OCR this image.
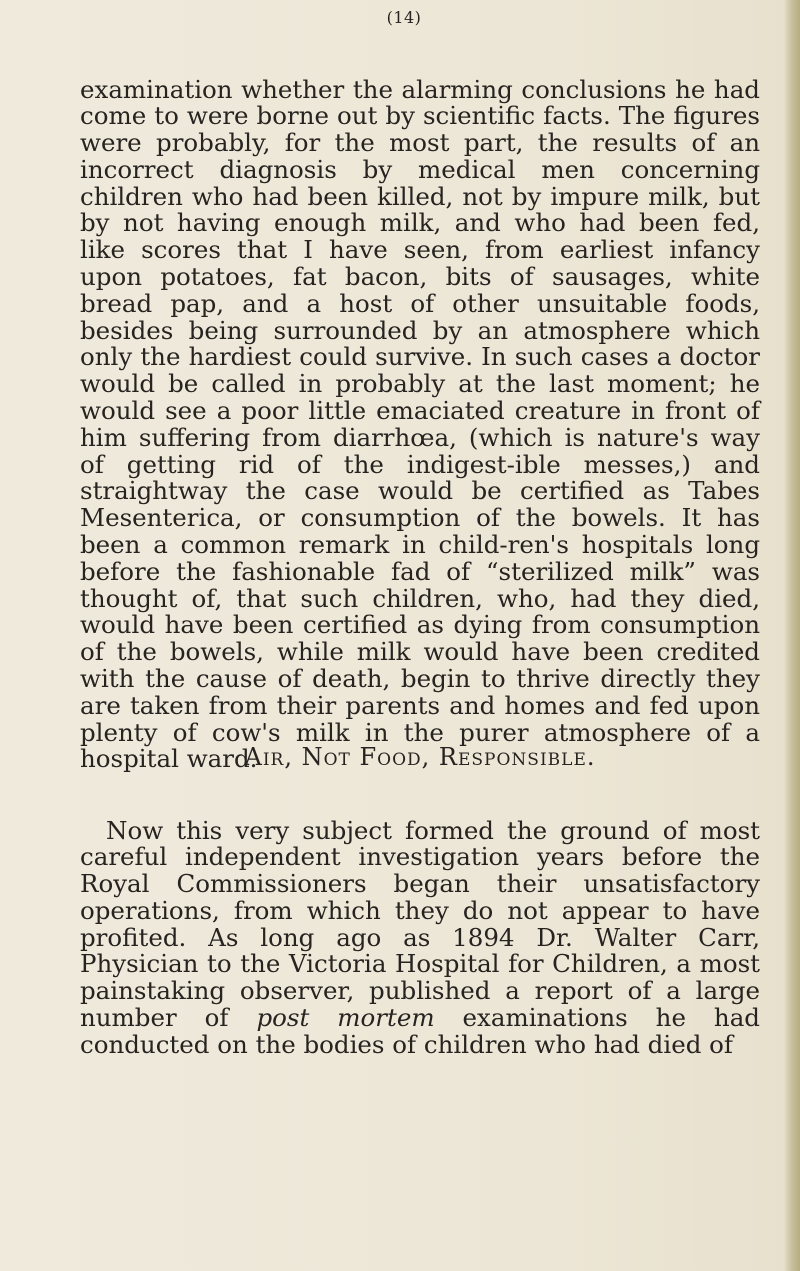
(14)

examination whether the alarming conclusions he had come to were borne out by scientific facts. The figures were probably, for the most part, the results of an incorrect diagnosis by medical men concerning children who had been killed, not by impure milk, but by not having enough milk, and who had been fed, like scores that I have seen, from earliest infancy upon potatoes, fat bacon, bits of sausages, white bread pap, and a host of other unsuitable foods, besides being surrounded by an atmosphere which only the hardiest could survive. In such cases a doctor would be called in probably at the last moment; he would see a poor little emaciated creature in front of him suffering from diarrhœa, (which is nature's way of getting rid of the indigest-ible messes,) and straightway the case would be certified as Tabes Mesenterica, or consumption of the bowels. It has been a common remark in child-ren's hospitals long before the fashionable fad of “sterilized milk” was thought of, that such children, who, had they died, would have been certified as dying from consumption of the bowels, while milk would have been credited with the cause of death, begin to thrive directly they are taken from their parents and homes and fed upon plenty of cow's milk in the purer atmosphere of a hospital ward.

Air, Not Food, Responsible.

Now this very subject formed the ground of most careful independent investigation years before the Royal Commissioners began their unsatisfactory operations, from which they do not appear to have profited. As long ago as 1894 Dr. Walter Carr, Physician to the Victoria Hospital for Children, a most painstaking observer, published a report of a large number of post mortem examinations he had conducted on the bodies of children who had died of
